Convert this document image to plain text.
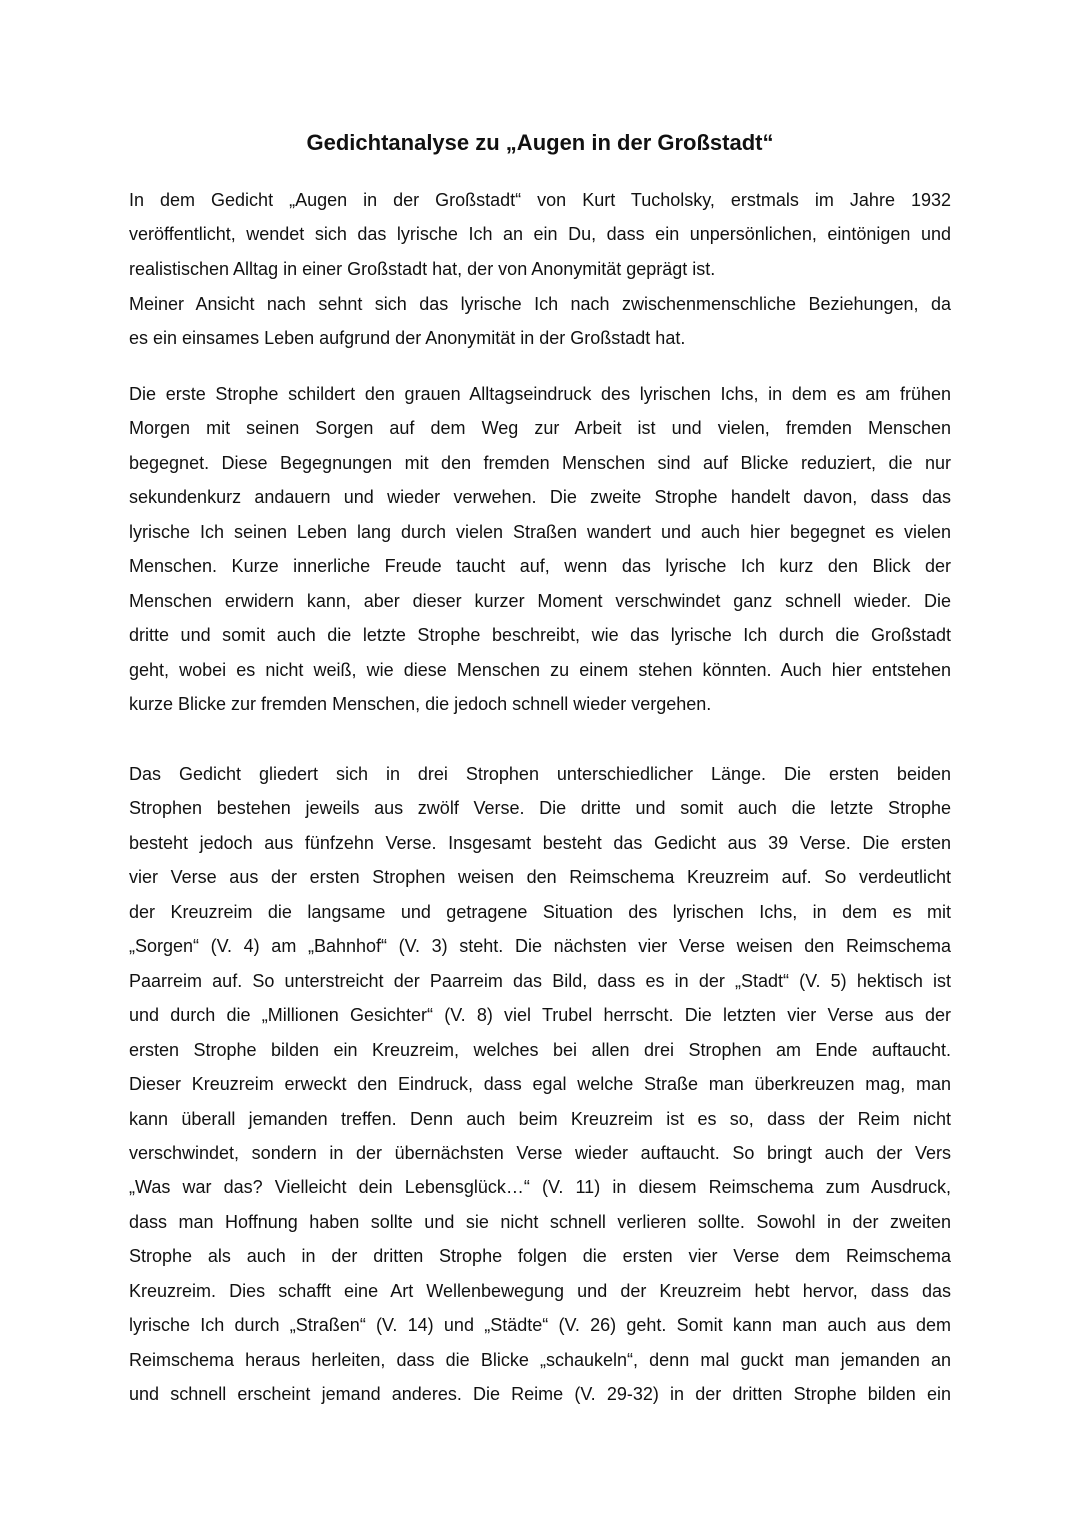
Gedichtanalyse zu „Augen in der Großstadt“

In dem Gedicht „Augen in der Großstadt“ von Kurt Tucholsky, erstmals im Jahre 1932

veröffentlicht, wendet sich das lyrische Ich an ein Du, dass ein unpersönlichen, eintönigen und

realistischen Alltag in einer Großstadt hat, der von Anonymität geprägt ist.

Meiner Ansicht nach sehnt sich das lyrische Ich nach zwischenmenschliche Beziehungen, da

es ein einsames Leben aufgrund der Anonymität in der Großstadt hat.

Die erste Strophe schildert den grauen Alltagseindruck des lyrischen Ichs, in dem es am frühen

Morgen mit seinen Sorgen auf dem Weg zur Arbeit ist und vielen, fremden Menschen

begegnet. Diese Begegnungen mit den fremden Menschen sind auf Blicke reduziert, die nur

sekundenkurz andauern und wieder verwehen. Die zweite Strophe handelt davon, dass das

lyrische Ich seinen Leben lang durch vielen Straßen wandert und auch hier begegnet es vielen

Menschen. Kurze innerliche Freude taucht auf, wenn das lyrische Ich kurz den Blick der

Menschen erwidern kann, aber dieser kurzer Moment verschwindet ganz schnell wieder. Die

dritte und somit auch die letzte Strophe beschreibt, wie das lyrische Ich durch die Großstadt

geht, wobei es nicht weiß, wie diese Menschen zu einem stehen könnten. Auch hier entstehen

kurze Blicke zur fremden Menschen, die jedoch schnell wieder vergehen.

Das Gedicht gliedert sich in drei Strophen unterschiedlicher Länge. Die ersten beiden

Strophen bestehen jeweils aus zwölf Verse. Die dritte und somit auch die letzte Strophe

besteht jedoch aus fünfzehn Verse. Insgesamt besteht das Gedicht aus 39 Verse. Die ersten

vier Verse aus der ersten Strophen weisen den Reimschema Kreuzreim auf. So verdeutlicht

der Kreuzreim die langsame und getragene Situation des lyrischen Ichs, in dem es mit

„Sorgen“ (V. 4) am „Bahnhof“ (V. 3) steht. Die nächsten vier Verse weisen den Reimschema

Paarreim auf. So unterstreicht der Paarreim das Bild, dass es in der „Stadt“ (V. 5) hektisch ist

und durch die „Millionen Gesichter“ (V. 8) viel Trubel herrscht. Die letzten vier Verse aus der

ersten Strophe bilden ein Kreuzreim, welches bei allen drei Strophen am Ende auftaucht.

Dieser Kreuzreim erweckt den Eindruck, dass egal welche Straße man überkreuzen mag, man

kann überall jemanden treffen. Denn auch beim Kreuzreim ist es so, dass der Reim nicht

verschwindet, sondern in der übernächsten Verse wieder auftaucht. So bringt auch der Vers

„Was war das? Vielleicht dein Lebensglück…“ (V. 11) in diesem Reimschema zum Ausdruck,

dass man Hoffnung haben sollte und sie nicht schnell verlieren sollte. Sowohl in der zweiten

Strophe als auch in der dritten Strophe folgen die ersten vier Verse dem Reimschema

Kreuzreim. Dies schafft eine Art Wellenbewegung und der Kreuzreim hebt hervor, dass das

lyrische Ich durch „Straßen“ (V. 14) und „Städte“ (V. 26) geht. Somit kann man auch aus dem

Reimschema heraus herleiten, dass die Blicke „schaukeln“, denn mal guckt man jemanden an

und schnell erscheint jemand anderes. Die Reime (V. 29-32) in der dritten Strophe bilden ein
